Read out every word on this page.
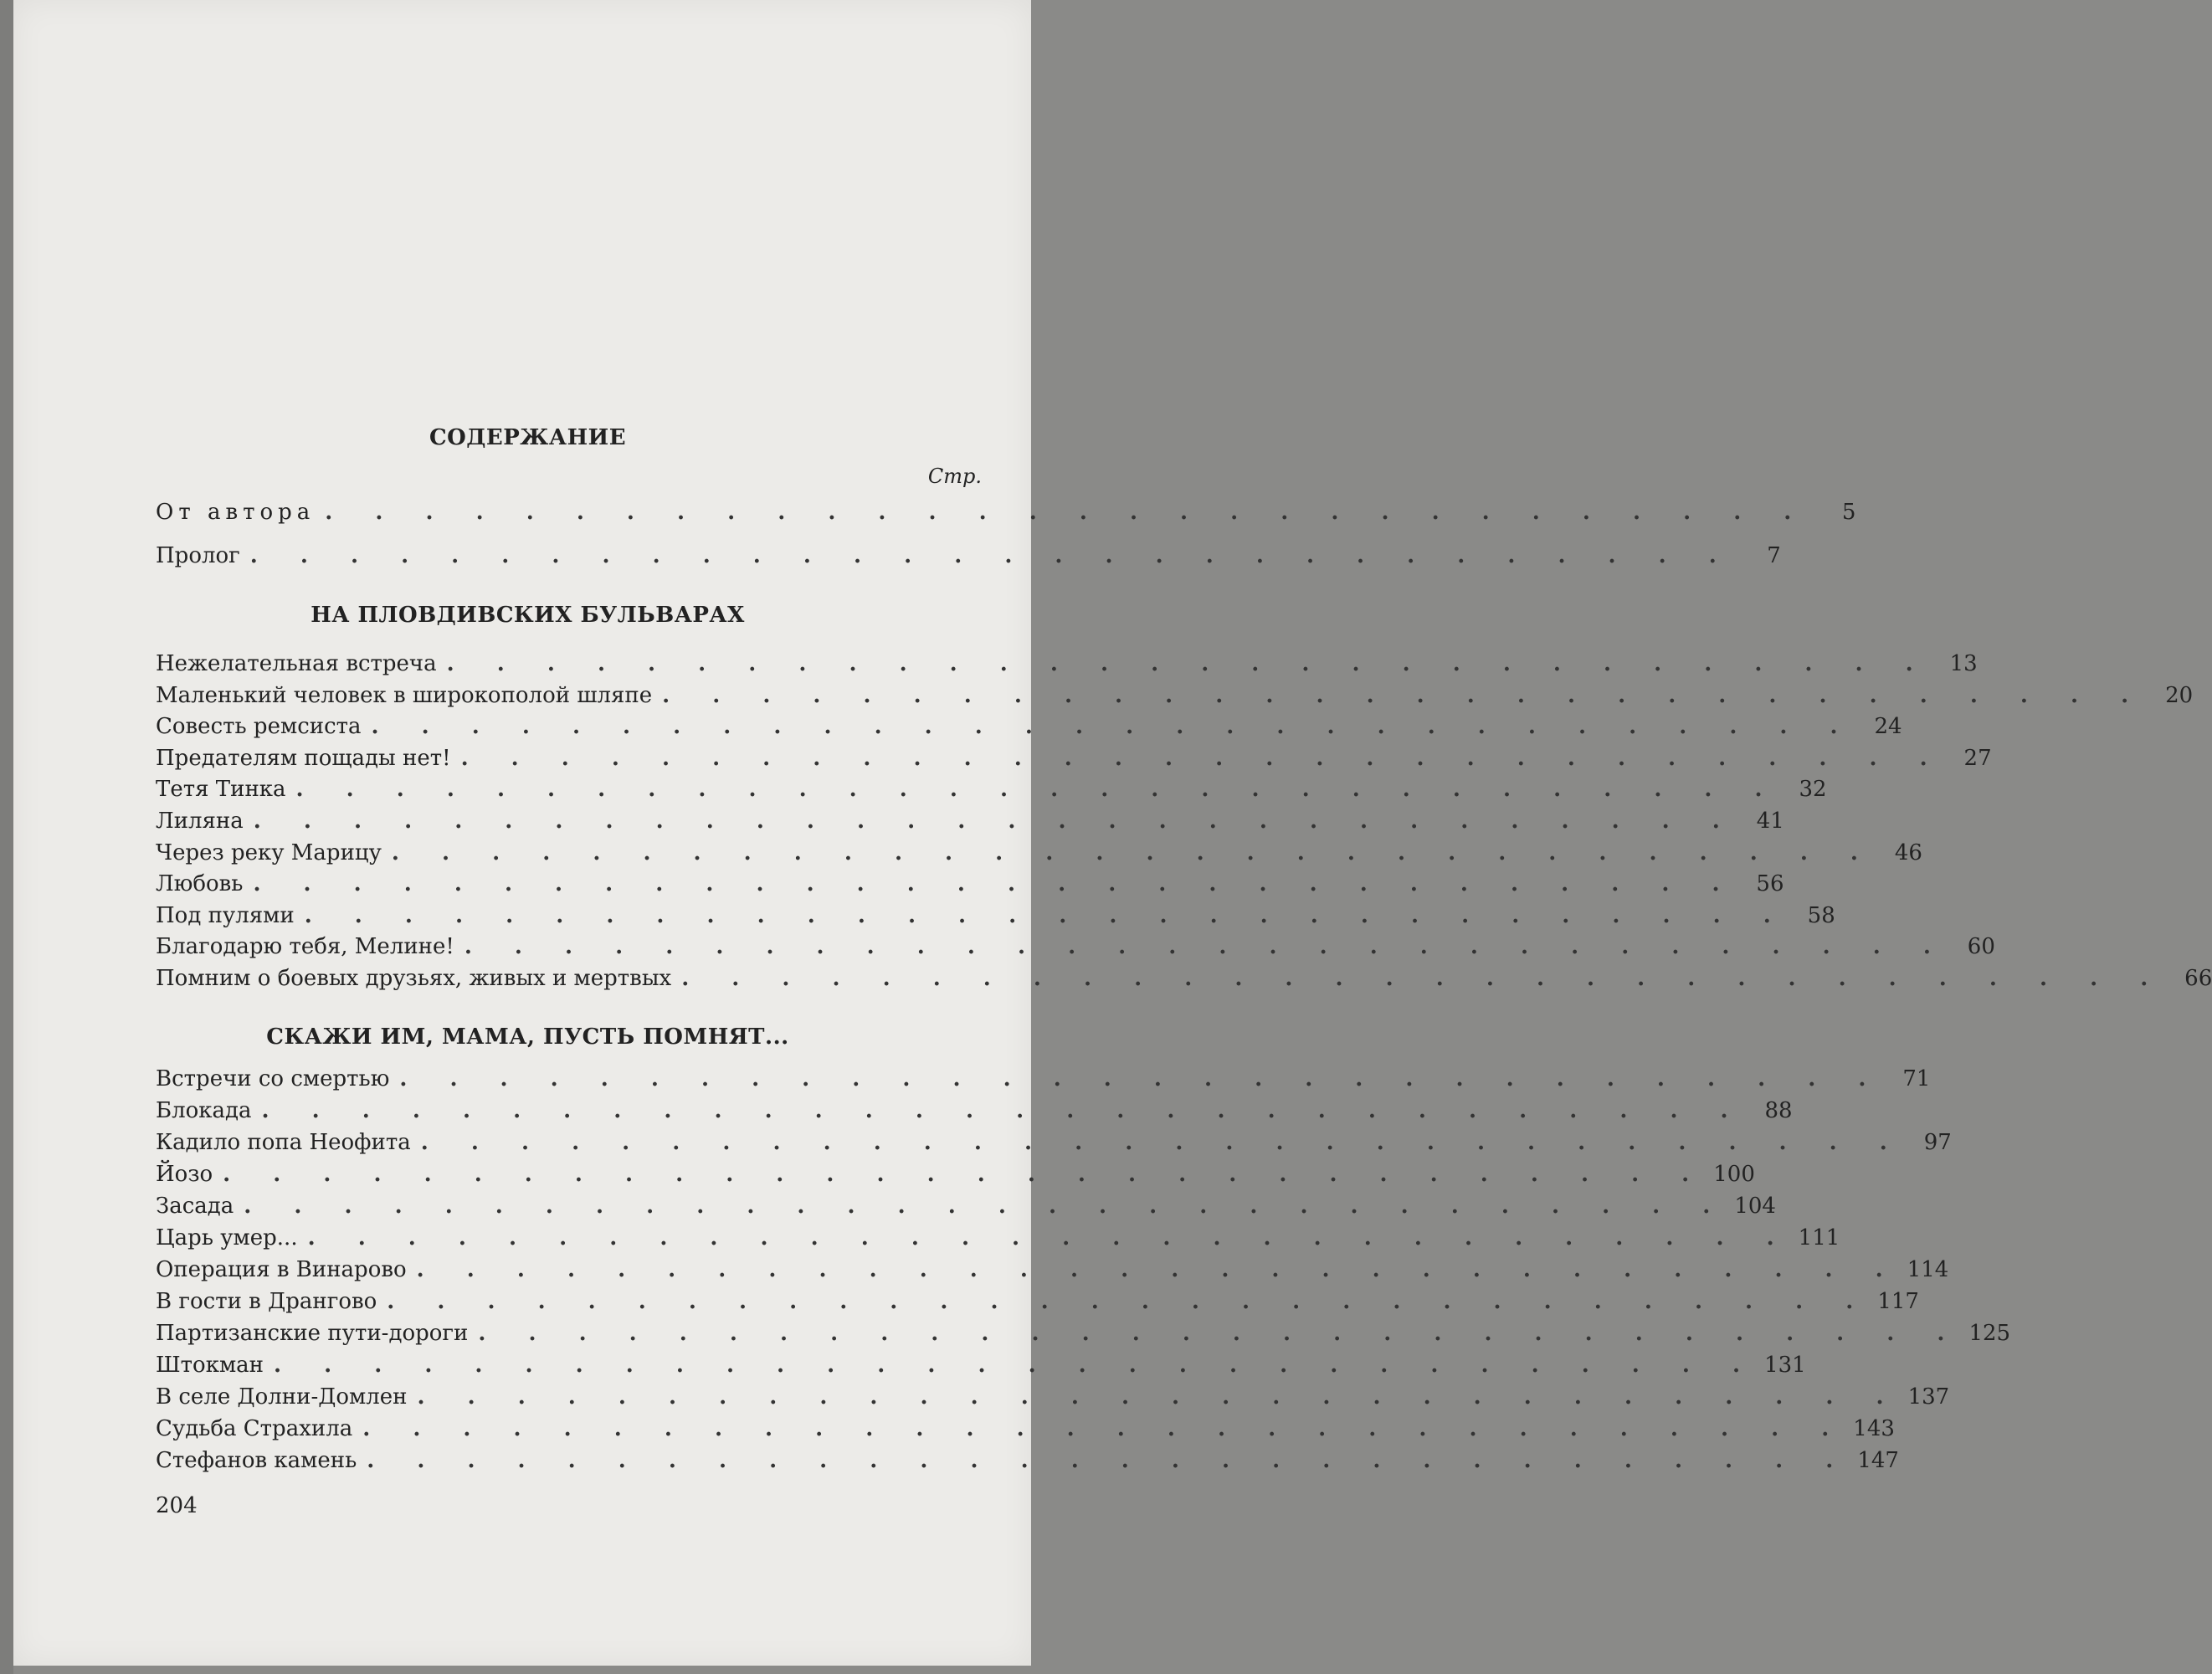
СОДЕРЖАНИЕ
Стр.
От автора . . . . . . . . . . . . . . . . . . . . . . . . . . . . . .	5
Пролог . . . . . . . . . . . . . . . . . . . . . . . . . . . . . .	7
НА ПЛОВДИВСКИХ БУЛЬВАРАХ
Нежелательная встреча . . . . . . . . . . . . . . . . . . . . . . . . . . . . . . 13
Маленький человек в широкополой шляпе . . . . . . . . . . . . . . . . . . . . . . . . . . . . . . 20
Совесть ремсиста . . . . . . . . . . . . . . . . . . . . . . . . . . . . . . 24
Предателям пощады нет! . . . . . . . . . . . . . . . . . . . . . . . . . . . . . . 27
Тетя Тинка . . . . . . . . . . . . . . . . . . . . . . . . . . . . . . 32
Лиляна . . . . . . . . . . . . . . . . . . . . . . . . . . . . . . 41
Через реку Марицу . . . . . . . . . . . . . . . . . . . . . . . . . . . . . . 46
Любовь . . . . . . . . . . . . . . . . . . . . . . . . . . . . . . 56
Под пулями . . . . . . . . . . . . . . . . . . . . . . . . . . . . . . 58
Благодарю тебя, Мелине! . . . . . . . . . . . . . . . . . . . . . . . . . . . . . . 60
Помним о боевых друзьях, живых и мертвых . . . . . . . . . . . . . . . . . . . . . . . . . . . . . . 66
СКАЖИ ИМ, МАМА, ПУСТЬ ПОМНЯТ...
Встречи со смертью . . . . . . . . . . . . . . . . . . . . . . . . . . . . . . 71
Блокада . . . . . . . . . . . . . . . . . . . . . . . . . . . . . . 88
Кадило попа Неофита . . . . . . . . . . . . . . . . . . . . . . . . . . . . . . 97
Йозо . . . . . . . . . . . . . . . . . . . . . . . . . . . . . . 100
Засада . . . . . . . . . . . . . . . . . . . . . . . . . . . . . . 104
Царь умер... . . . . . . . . . . . . . . . . . . . . . . . . . . . . . . 111
Операция в Винарово . . . . . . . . . . . . . . . . . . . . . . . . . . . . . . 114
В гости в Дрангово . . . . . . . . . . . . . . . . . . . . . . . . . . . . . . 117
Партизанские пути-дороги . . . . . . . . . . . . . . . . . . . . . . . . . . . . . . 125
Штокман . . . . . . . . . . . . . . . . . . . . . . . . . . . . . . 131
В селе Долни-Домлен . . . . . . . . . . . . . . . . . . . . . . . . . . . . . . 137
Судьба Страхила . . . . . . . . . . . . . . . . . . . . . . . . . . . . . . 143
Стефанов камень . . . . . . . . . . . . . . . . . . . . . . . . . . . . . . 147
204
